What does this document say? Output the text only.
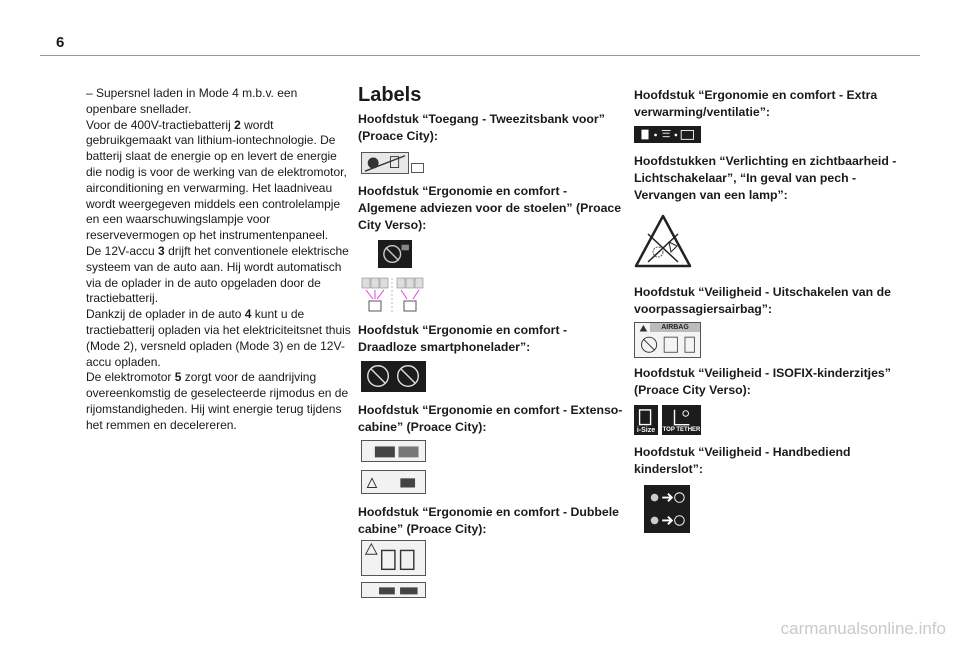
6

– Supersnel laden in Mode 4 m.b.v. een openbare snellader.

Voor de 400V-tractiebatterij 2 wordt gebruikgemaakt van lithium-iontechnologie. De batterij slaat de energie op en levert de energie die nodig is voor de werking van de elektromotor, airconditioning en verwarming. Het laadniveau wordt weergegeven middels een controlelampje en een waarschuwingslampje voor reservevermogen op het instrumentenpaneel.

De 12V-accu 3 drijft het conventionele elektrische systeem van de auto aan. Hij wordt automatisch via de oplader in de auto opgeladen door de tractiebatterij.

Dankzij de oplader in de auto 4 kunt u de tractiebatterij opladen via het elektriciteitsnet thuis (Mode 2), versneld opladen (Mode 3) en de 12V-accu opladen.

De elektromotor 5 zorgt voor de aandrijving overeenkomstig de geselecteerde rijmodus en de rijomstandigheden. Hij wint energie terug tijdens het remmen en decelereren.

Labels
Hoofdstuk “Toegang - Tweezitsbank voor” (Proace City):
Hoofdstuk “Ergonomie en comfort - Algemene adviezen voor de stoelen” (Proace City Verso):
Hoofdstuk “Ergonomie en comfort - Draadloze smartphonelader”:
Hoofdstuk “Ergonomie en comfort - Extenso-cabine” (Proace City):
Hoofdstuk “Ergonomie en comfort - Dubbele cabine” (Proace City):
Hoofdstuk “Ergonomie en comfort - Extra verwarming/ventilatie”:
Hoofdstukken “Verlichting en zichtbaarheid - Lichtschakelaar”, “In geval van pech - Vervangen van een lamp”:
Hoofdstuk “Veiligheid - Uitschakelen van de voorpassagiersairbag”:
AIRBAG
Hoofdstuk “Veiligheid - ISOFIX-kinderzitjes” (Proace City Verso):
i-Size	TOP TETHER
Hoofdstuk “Veiligheid - Handbediend kinderslot”:
carmanualsonline.info
